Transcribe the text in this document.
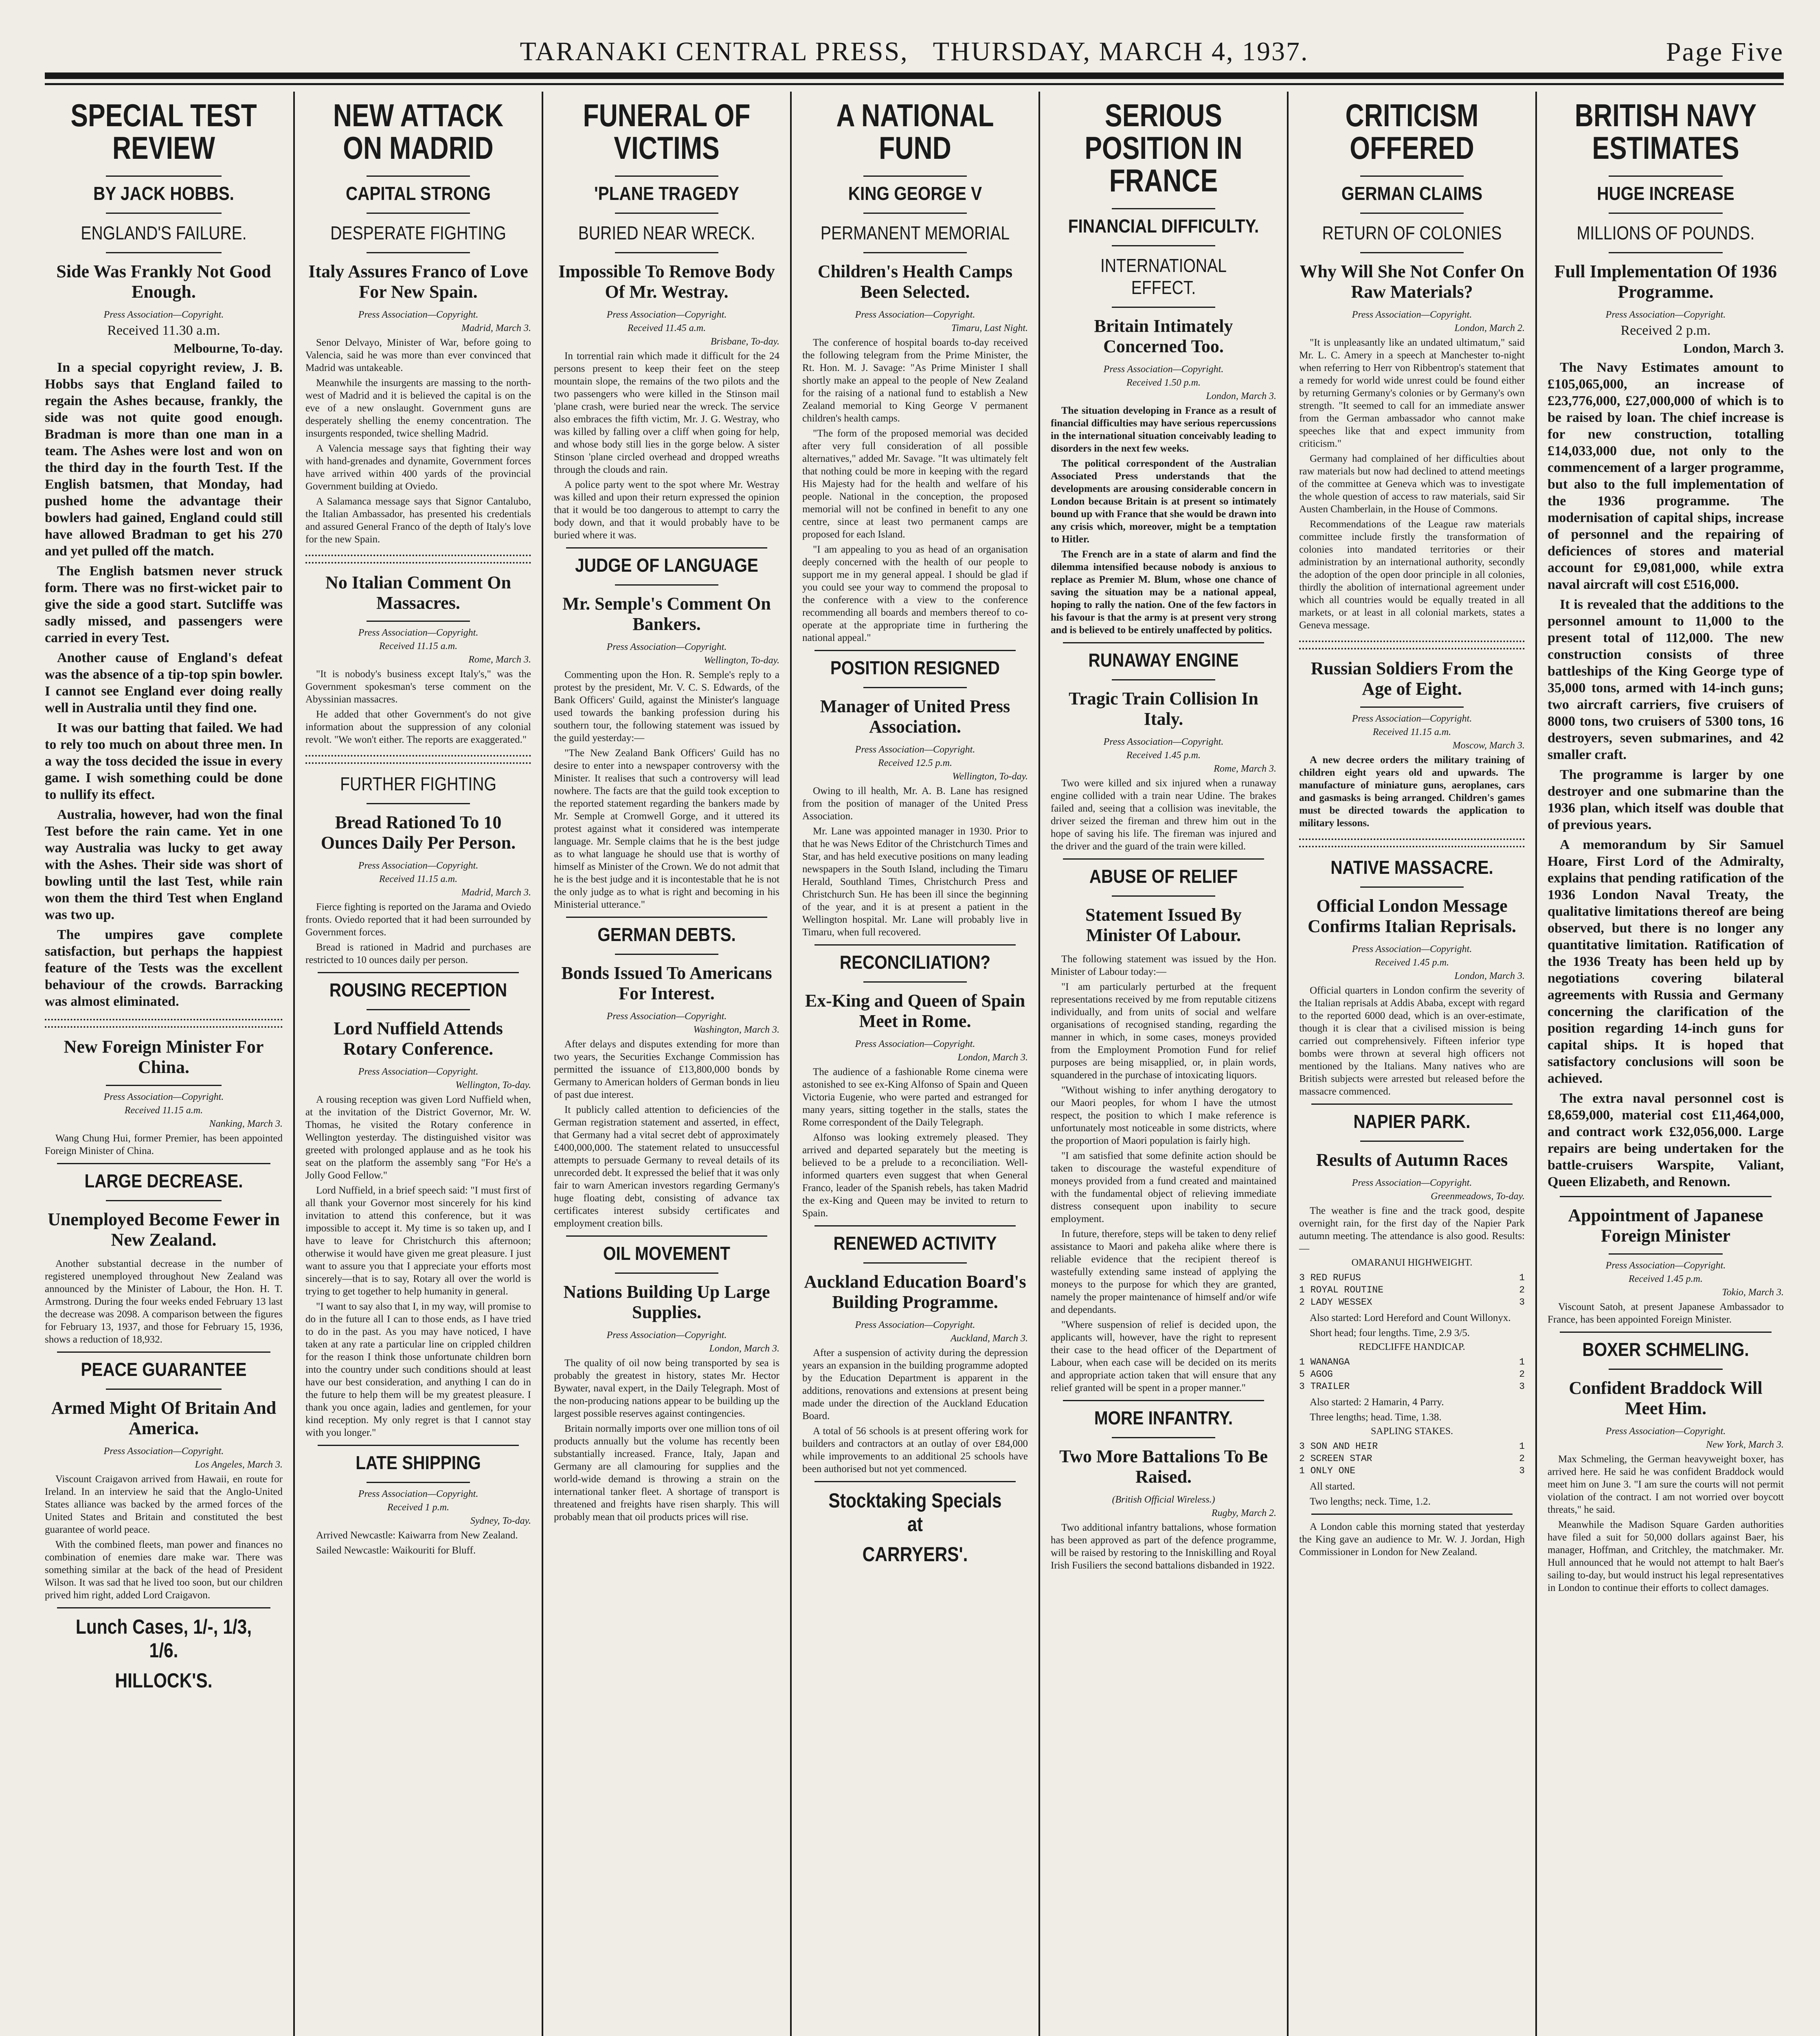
TARANAKI CENTRAL PRESS, THURSDAY, MARCH 4, 1937.	Page Five
SPECIAL TEST REVIEW
BY JACK HOBBS.
ENGLAND'S FAILURE.
Side Was Frankly Not Good Enough.
Press Association—Copyright.
Received 11.30 a.m.
Melbourne, To-day.

In a special copyright review, J. B. Hobbs says that England failed to regain the Ashes because, frankly, the side was not quite good enough. Bradman is more than one man in a team. The Ashes were lost and won on the third day in the fourth Test. If the English batsmen, that Monday, had pushed home the advantage their bowlers had gained, England could still have allowed Bradman to get his 270 and yet pulled off the match.

The English batsmen never struck form. There was no first-wicket pair to give the side a good start. Sutcliffe was sadly missed, and passengers were carried in every Test.

Another cause of England's defeat was the absence of a tip-top spin bowler. I cannot see England ever doing really well in Australia until they find one.

It was our batting that failed. We had to rely too much on about three men. In a way the toss decided the issue in every game. I wish something could be done to nullify its effect.

Australia, however, had won the final Test before the rain came. Yet in one way Australia was lucky to get away with the Ashes. Their side was short of bowling until the last Test, while rain won them the third Test when England was two up.

The umpires gave complete satisfaction, but perhaps the happiest feature of the Tests was the excellent behaviour of the crowds. Barracking was almost eliminated.

New Foreign Minister For China.
Press Association—Copyright.
Received 11.15 a.m.
Nanking, March 3.

Wang Chung Hui, former Premier, has been appointed Foreign Minister of China.

LARGE DECREASE.
Unemployed Become Fewer in New Zealand.

Another substantial decrease in the number of registered unemployed throughout New Zealand was announced by the Minister of Labour, the Hon. H. T. Armstrong. During the four weeks ended February 13 last the decrease was 2098. A comparison between the figures for February 13, 1937, and those for February 15, 1936, shows a reduction of 18,932.

PEACE GUARANTEE
Armed Might Of Britain And America.
Press Association—Copyright.
Los Angeles, March 3.

Viscount Craigavon arrived from Hawaii, en route for Ireland. In an interview he said that the Anglo-United States alliance was backed by the armed forces of the United States and Britain and constituted the best guarantee of world peace.

With the combined fleets, man power and finances no combination of enemies dare make war. There was something similar at the back of the head of President Wilson. It was sad that he lived too soon, but our children prived him right, added Lord Craigavon.

Lunch Cases, 1/-, 1/3, 1/6.
HILLOCK'S.
NEW ATTACK ON MADRID
CAPITAL STRONG
DESPERATE FIGHTING
Italy Assures Franco of Love For New Spain.
Press Association—Copyright.
Madrid, March 3.

Senor Delvayo, Minister of War, before going to Valencia, said he was more than ever convinced that Madrid was untakeable.

Meanwhile the insurgents are massing to the north-west of Madrid and it is believed the capital is on the eve of a new onslaught. Government guns are desperately shelling the enemy concentration. The insurgents responded, twice shelling Madrid.

A Valencia message says that fighting their way with hand-grenades and dynamite, Government forces have arrived within 400 yards of the provincial Government building at Oviedo.

A Salamanca message says that Signor Cantalubo, the Italian Ambassador, has presented his credentials and assured General Franco of the depth of Italy's love for the new Spain.

No Italian Comment On Massacres.
Press Association—Copyright.
Received 11.15 a.m.
Rome, March 3.

"It is nobody's business except Italy's," was the Government spokesman's terse comment on the Abyssinian massacres.

He added that other Government's do not give information about the suppression of any colonial revolt. "We won't either. The reports are exaggerated."

FURTHER FIGHTING
Bread Rationed To 10 Ounces Daily Per Person.
Press Association—Copyright.
Received 11.15 a.m.
Madrid, March 3.

Fierce fighting is reported on the Jarama and Oviedo fronts. Oviedo reported that it had been surrounded by Government forces.

Bread is rationed in Madrid and purchases are restricted to 10 ounces daily per person.

ROUSING RECEPTION
Lord Nuffield Attends Rotary Conference.
Press Association—Copyright.
Wellington, To-day.

A rousing reception was given Lord Nuffield when, at the invitation of the District Governor, Mr. W. Thomas, he visited the Rotary conference in Wellington yesterday. The distinguished visitor was greeted with prolonged applause and as he took his seat on the platform the assembly sang "For He's a Jolly Good Fellow."

Lord Nuffield, in a brief speech said: "I must first of all thank your Governor most sincerely for his kind invitation to attend this conference, but it was impossible to accept it. My time is so taken up, and I have to leave for Christchurch this afternoon; otherwise it would have given me great pleasure. I just want to assure you that I appreciate your efforts most sincerely—that is to say, Rotary all over the world is trying to get together to help humanity in general.

"I want to say also that I, in my way, will promise to do in the future all I can to those ends, as I have tried to do in the past. As you may have noticed, I have taken at any rate a particular line on crippled children for the reason I think those unfortunate children born into the country under such conditions should at least have our best consideration, and anything I can do in the future to help them will be my greatest pleasure. I thank you once again, ladies and gentlemen, for your kind reception. My only regret is that I cannot stay with you longer."

LATE SHIPPING
Press Association—Copyright.
Received 1 p.m.
Sydney, To-day.

Arrived Newcastle: Kaiwarra from New Zealand.

Sailed Newcastle: Waikouriti for Bluff.

FUNERAL OF VICTIMS
'PLANE TRAGEDY
BURIED NEAR WRECK.
Impossible To Remove Body Of Mr. Westray.
Press Association—Copyright.
Received 11.45 a.m.
Brisbane, To-day.

In torrential rain which made it difficult for the 24 persons present to keep their feet on the steep mountain slope, the remains of the two pilots and the two passengers who were killed in the Stinson mail 'plane crash, were buried near the wreck. The service also embraces the fifth victim, Mr. J. G. Westray, who was killed by falling over a cliff when going for help, and whose body still lies in the gorge below. A sister Stinson 'plane circled overhead and dropped wreaths through the clouds and rain.

A police party went to the spot where Mr. Westray was killed and upon their return expressed the opinion that it would be too dangerous to attempt to carry the body down, and that it would probably have to be buried where it was.

JUDGE OF LANGUAGE
Mr. Semple's Comment On Bankers.
Press Association—Copyright.
Wellington, To-day.

Commenting upon the Hon. R. Semple's reply to a protest by the president, Mr. V. C. S. Edwards, of the Bank Officers' Guild, against the Minister's language used towards the banking profession during his southern tour, the following statement was issued by the guild yesterday:—

"The New Zealand Bank Officers' Guild has no desire to enter into a newspaper controversy with the Minister. It realises that such a controversy will lead nowhere. The facts are that the guild took exception to the reported statement regarding the bankers made by Mr. Semple at Cromwell Gorge, and it uttered its protest against what it considered was intemperate language. Mr. Semple claims that he is the best judge as to what language he should use that is worthy of himself as Minister of the Crown. We do not admit that he is the best judge and it is incontestable that he is not the only judge as to what is right and becoming in his Ministerial utterance."

GERMAN DEBTS.
Bonds Issued To Americans For Interest.
Press Association—Copyright.
Washington, March 3.

After delays and disputes extending for more than two years, the Securities Exchange Commission has permitted the issuance of £13,800,000 bonds by Germany to American holders of German bonds in lieu of past due interest.

It publicly called attention to deficiencies of the German registration statement and asserted, in effect, that Germany had a vital secret debt of approximately £400,000,000. The statement related to unsuccessful attempts to persuade Germany to reveal details of its unrecorded debt. It expressed the belief that it was only fair to warn American investors regarding Germany's huge floating debt, consisting of advance tax certificates interest subsidy certificates and employment creation bills.

OIL MOVEMENT
Nations Building Up Large Supplies.
Press Association—Copyright.
London, March 3.

The quality of oil now being transported by sea is probably the greatest in history, states Mr. Hector Bywater, naval expert, in the Daily Telegraph. Most of the non-producing nations appear to be building up the largest possible reserves against contingencies.

Britain normally imports over one million tons of oil products annually but the volume has recently been substantially increased. France, Italy, Japan and Germany are all clamouring for supplies and the world-wide demand is throwing a strain on the international tanker fleet. A shortage of transport is threatened and freights have risen sharply. This will probably mean that oil products prices will rise.

A NATIONAL FUND
KING GEORGE V
PERMANENT MEMORIAL
Children's Health Camps Been Selected.
Press Association—Copyright.
Timaru, Last Night.

The conference of hospital boards to-day received the following telegram from the Prime Minister, the Rt. Hon. M. J. Savage: "As Prime Minister I shall shortly make an appeal to the people of New Zealand for the raising of a national fund to establish a New Zealand memorial to King George V permanent children's health camps.

"The form of the proposed memorial was decided after very full consideration of all possible alternatives," added Mr. Savage. "It was ultimately felt that nothing could be more in keeping with the regard His Majesty had for the health and welfare of his people. National in the conception, the proposed memorial will not be confined in benefit to any one centre, since at least two permanent camps are proposed for each Island.

"I am appealing to you as head of an organisation deeply concerned with the health of our people to support me in my general appeal. I should be glad if you could see your way to commend the proposal to the conference with a view to the conference recommending all boards and members thereof to co-operate at the appropriate time in furthering the national appeal."

POSITION RESIGNED
Manager of United Press Association.
Press Association—Copyright.
Received 12.5 p.m.
Wellington, To-day.

Owing to ill health, Mr. A. B. Lane has resigned from the position of manager of the United Press Association.

Mr. Lane was appointed manager in 1930. Prior to that he was News Editor of the Christchurch Times and Star, and has held executive positions on many leading newspapers in the South Island, including the Timaru Herald, Southland Times, Christchurch Press and Christchurch Sun. He has been ill since the beginning of the year, and it is at present a patient in the Wellington hospital. Mr. Lane will probably live in Timaru, when full recovered.

RECONCILIATION?
Ex-King and Queen of Spain Meet in Rome.
Press Association—Copyright.
London, March 3.

The audience of a fashionable Rome cinema were astonished to see ex-King Alfonso of Spain and Queen Victoria Eugenie, who were parted and estranged for many years, sitting together in the stalls, states the Rome correspondent of the Daily Telegraph.

Alfonso was looking extremely pleased. They arrived and departed separately but the meeting is believed to be a prelude to a reconciliation. Well-informed quarters even suggest that when General Franco, leader of the Spanish rebels, has taken Madrid the ex-King and Queen may be invited to return to Spain.

RENEWED ACTIVITY
Auckland Education Board's Building Programme.
Press Association—Copyright.
Auckland, March 3.

After a suspension of activity during the depression years an expansion in the building programme adopted by the Education Department is apparent in the additions, renovations and extensions at present being made under the direction of the Auckland Education Board.

A total of 56 schools is at present offering work for builders and contractors at an outlay of over £84,000 while improvements to an additional 25 schools have been authorised but not yet commenced.

Stocktaking Specials at
CARRYERS'.
SERIOUS POSITION IN FRANCE
FINANCIAL DIFFICULTY.
INTERNATIONAL EFFECT.
Britain Intimately Concerned Too.
Press Association—Copyright.
Received 1.50 p.m.
London, March 3.

The situation developing in France as a result of financial difficulties may have serious repercussions in the international situation conceivably leading to disorders in the next few weeks.

The political correspondent of the Australian Associated Press understands that the developments are arousing considerable concern in London because Britain is at present so intimately bound up with France that she would be drawn into any crisis which, moreover, might be a temptation to Hitler.

The French are in a state of alarm and find the dilemma intensified because nobody is anxious to replace as Premier M. Blum, whose one chance of saving the situation may be a national appeal, hoping to rally the nation. One of the few factors in his favour is that the army is at present very strong and is believed to be entirely unaffected by politics.

RUNAWAY ENGINE
Tragic Train Collision In Italy.
Press Association—Copyright.
Received 1.45 p.m.
Rome, March 3.

Two were killed and six injured when a runaway engine collided with a train near Udine. The brakes failed and, seeing that a collision was inevitable, the driver seized the fireman and threw him out in the hope of saving his life. The fireman was injured and the driver and the guard of the train were killed.

ABUSE OF RELIEF
Statement Issued By Minister Of Labour.

The following statement was issued by the Hon. Minister of Labour today:—

"I am particularly perturbed at the frequent representations received by me from reputable citizens individually, and from units of social and welfare organisations of recognised standing, regarding the manner in which, in some cases, moneys provided from the Employment Promotion Fund for relief purposes are being misapplied, or, in plain words, squandered in the purchase of intoxicating liquors.

"Without wishing to infer anything derogatory to our Maori peoples, for whom I have the utmost respect, the position to which I make reference is unfortunately most noticeable in some districts, where the proportion of Maori population is fairly high.

"I am satisfied that some definite action should be taken to discourage the wasteful expenditure of moneys provided from a fund created and maintained with the fundamental object of relieving immediate distress consequent upon inability to secure employment.

In future, therefore, steps will be taken to deny relief assistance to Maori and pakeha alike where there is reliable evidence that the recipient thereof is wastefully extending same instead of applying the moneys to the purpose for which they are granted, namely the proper maintenance of himself and/or wife and dependants.

"Where suspension of relief is decided upon, the applicants will, however, have the right to represent their case to the head officer of the Department of Labour, when each case will be decided on its merits and appropriate action taken that will ensure that any relief granted will be spent in a proper manner."

MORE INFANTRY.
Two More Battalions To Be Raised.
(British Official Wireless.)
Rugby, March 2.

Two additional infantry battalions, whose formation has been approved as part of the defence programme, will be raised by restoring to the Inniskilling and Royal Irish Fusiliers the second battalions disbanded in 1922.

CRITICISM OFFERED
GERMAN CLAIMS
RETURN OF COLONIES
Why Will She Not Confer On Raw Materials?
Press Association—Copyright.
London, March 2.

"It is unpleasantly like an undated ultimatum," said Mr. L. C. Amery in a speech at Manchester to-night when referring to Herr von Ribbentrop's statement that a remedy for world wide unrest could be found either by returning Germany's colonies or by Germany's own strength. "It seemed to call for an immediate answer from the German ambassador who cannot make speeches like that and expect immunity from criticism."

Germany had complained of her difficulties about raw materials but now had declined to attend meetings of the committee at Geneva which was to investigate the whole question of access to raw materials, said Sir Austen Chamberlain, in the House of Commons.

Recommendations of the League raw materials committee include firstly the transformation of colonies into mandated territories or their administration by an international authority, secondly the adoption of the open door principle in all colonies, thirdly the abolition of international agreement under which all countries would be equally treated in all markets, or at least in all colonial markets, states a Geneva message.

Russian Soldiers From the Age of Eight.
Press Association—Copyright.
Received 11.15 a.m.
Moscow, March 3.

A new decree orders the military training of children eight years old and upwards. The manufacture of miniature guns, aeroplanes, cars and gasmasks is being arranged. Children's games must be directed towards the application to military lessons.

NATIVE MASSACRE.
Official London Message Confirms Italian Reprisals.
Press Association—Copyright.
Received 1.45 p.m.
London, March 3.

Official quarters in London confirm the severity of the Italian reprisals at Addis Ababa, except with regard to the reported 6000 dead, which is an over-estimate, though it is clear that a civilised mission is being carried out comprehensively. Fifteen inferior type bombs were thrown at several high officers not mentioned by the Italians. Many natives who are British subjects were arrested but released before the massacre commenced.

NAPIER PARK.
Results of Autumn Races
Press Association—Copyright.
Greenmeadows, To-day.

The weather is fine and the track good, despite overnight rain, for the first day of the Napier Park autumn meeting. The attendance is also good. Results:—

OMARANUI HIGHWEIGHT.
3 RED RUFUS	1
1 ROYAL ROUTINE	2
2 LADY WESSEX	3

Also started: Lord Hereford and Count Willonyx.

Short head; four lengths. Time, 2.9 3/5.

REDCLIFFE HANDICAP.
1 WANANGA	1
5 AGOG	2
3 TRAILER	3

Also started: 2 Hamarin, 4 Parry.

Three lengths; head. Time, 1.38.

SAPLING STAKES.
3 SON AND HEIR	1
2 SCREEN STAR	2
1 ONLY ONE	3

All started.

Two lengths; neck. Time, 1.2.

A London cable this morning stated that yesterday the King gave an audience to Mr. W. J. Jordan, High Commissioner in London for New Zealand.

BRITISH NAVY ESTIMATES
HUGE INCREASE
MILLIONS OF POUNDS.
Full Implementation Of 1936 Programme.
Press Association—Copyright.
Received 2 p.m.
London, March 3.

The Navy Estimates amount to £105,065,000, an increase of £23,776,000, £27,000,000 of which is to be raised by loan. The chief increase is for new construction, totalling £14,033,000 due, not only to the commencement of a larger programme, but also to the full implementation of the 1936 programme. The modernisation of capital ships, increase of personnel and the repairing of deficiences of stores and material account for £9,081,000, while extra naval aircraft will cost £516,000.

It is revealed that the additions to the personnel amount to 11,000 to the present total of 112,000. The new construction consists of three battleships of the King George type of 35,000 tons, armed with 14-inch guns; two aircraft carriers, five cruisers of 8000 tons, two cruisers of 5300 tons, 16 destroyers, seven submarines, and 42 smaller craft.

The programme is larger by one destroyer and one submarine than the 1936 plan, which itself was double that of previous years.

A memorandum by Sir Samuel Hoare, First Lord of the Admiralty, explains that pending ratification of the 1936 London Naval Treaty, the qualitative limitations thereof are being observed, but there is no longer any quantitative limitation. Ratification of the 1936 Treaty has been held up by negotiations covering bilateral agreements with Russia and Germany concerning the clarification of the position regarding 14-inch guns for capital ships. It is hoped that satisfactory conclusions will soon be achieved.

The extra naval personnel cost is £8,659,000, material cost £11,464,000, and contract work £32,056,000. Large repairs are being undertaken for the battle-cruisers Warspite, Valiant, Queen Elizabeth, and Renown.

Appointment of Japanese Foreign Minister
Press Association—Copyright.
Received 1.45 p.m.
Tokio, March 3.

Viscount Satoh, at present Japanese Ambassador to France, has been appointed Foreign Minister.

BOXER SCHMELING.
Confident Braddock Will Meet Him.
Press Association—Copyright.
New York, March 3.

Max Schmeling, the German heavyweight boxer, has arrived here. He said he was confident Braddock would meet him on June 3. "I am sure the courts will not permit violation of the contract. I am not worried over boycott threats," he said.

Meanwhile the Madison Square Garden authorities have filed a suit for 50,000 dollars against Baer, his manager, Hoffman, and Critchley, the matchmaker. Mr. Hull announced that he would not attempt to halt Baer's sailing to-day, but would instruct his legal representatives in London to continue their efforts to collect damages.
